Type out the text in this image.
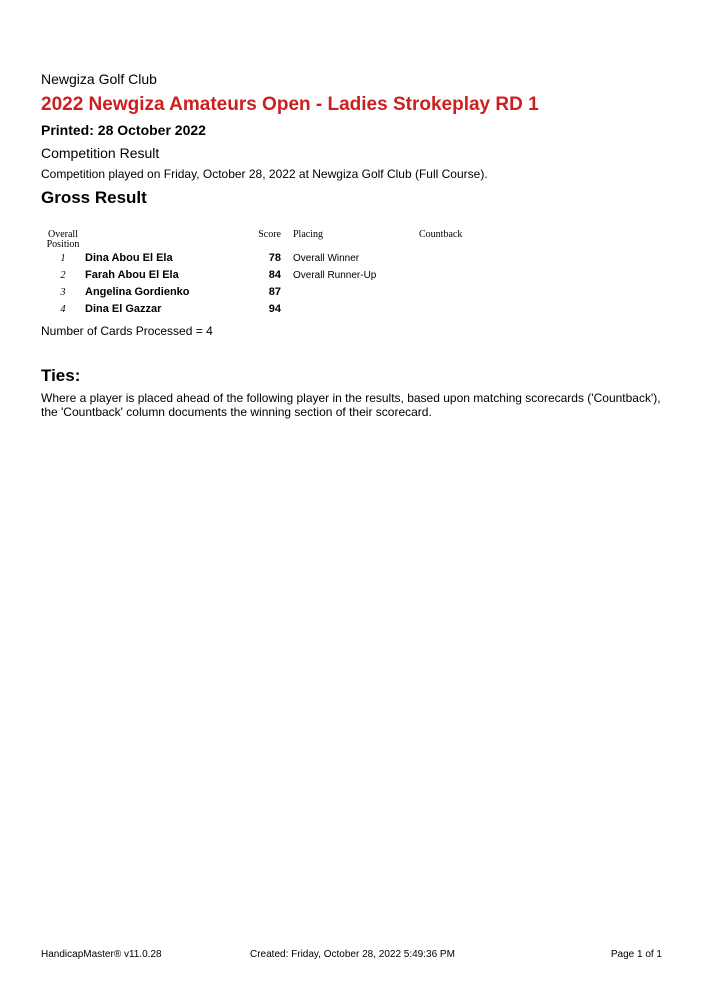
Newgiza Golf Club
2022 Newgiza Amateurs Open - Ladies Strokeplay RD 1
Printed: 28 October 2022
Competition Result
Competition played on Friday, October 28, 2022 at Newgiza Golf Club (Full Course).
Gross Result
Overall
Position
Score Placing	Countback
1	Dina Abou El Ela	78 Overall Winner
2	Farah Abou El Ela	84 Overall Runner-Up
3	Angelina Gordienko	87
4	Dina El Gazzar	94
Number of Cards Processed = 4
Ties:
Where a player is placed ahead of the following player in the results, based upon matching scorecards ('Countback'), the 'Countback' column documents the winning section of their scorecard.
HandicapMaster® v11.0.28	Created: Friday, October 28, 2022 5:49:36 PM	Page 1 of 1
